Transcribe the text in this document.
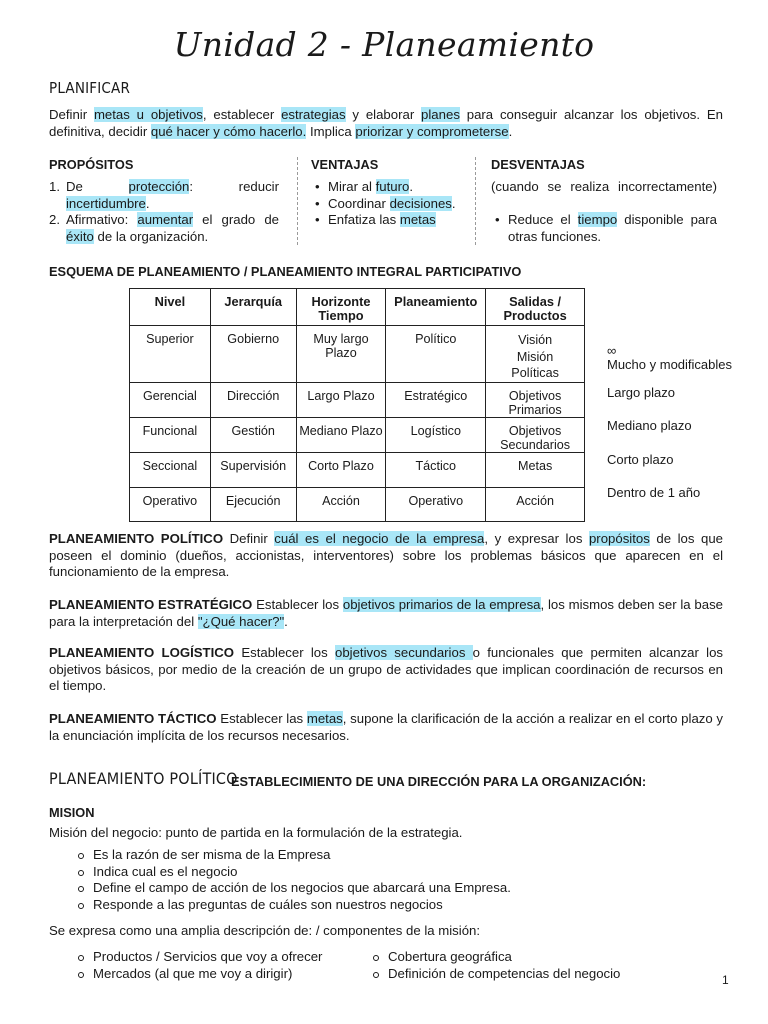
Unidad 2 - Planeamiento
PLANIFICAR
Definir metas u objetivos, establecer estrategias y elaborar planes para conseguir alcanzar los objetivos. En definitiva, decidir qué hacer y cómo hacerlo. Implica priorizar y comprometerse.
PROPÓSITOS
1. De protección: reducir incertidumbre.
2. Afirmativo: aumentar el grado de éxito de la organización.
VENTAJAS
• Mirar al futuro.
• Coordinar decisiones.
• Enfatiza las metas
DESVENTAJAS
(cuando se realiza incorrectamente)
• Reduce el tiempo disponible para otras funciones.
ESQUEMA DE PLANEAMIENTO / PLANEAMIENTO INTEGRAL PARTICIPATIVO
Nivel	Jerarquía	Horizonte Tiempo	Planeamiento	Salidas / Productos
Superior	Gobierno	Muy largo Plazo	Político	Visión
Misión
Políticas
Gerencial	Dirección	Largo Plazo	Estratégico	Objetivos Primarios
Funcional	Gestión	Mediano Plazo	Logístico	Objetivos Secundarios
Seccional	Supervisión	Corto Plazo	Táctico	Metas
Operativo	Ejecución	Acción	Operativo	Acción
∞
Mucho y modificables
Largo plazo
Mediano plazo
Corto plazo
Dentro de 1 año
PLANEAMIENTO POLÍTICO Definir cuál es el negocio de la empresa, y expresar los propósitos de los que poseen el dominio (dueños, accionistas, interventores) sobre los problemas básicos que aparecen en el funcionamiento de la empresa.
PLANEAMIENTO ESTRATÉGICO Establecer los objetivos primarios de la empresa, los mismos deben ser la base para la interpretación del "¿Qué hacer?".
PLANEAMIENTO LOGÍSTICO Establecer los objetivos secundarios o funcionales que permiten alcanzar los objetivos básicos, por medio de la creación de un grupo de actividades que implican coordinación de recursos en el tiempo.
PLANEAMIENTO TÁCTICO Establecer las metas, supone la clarificación de la acción a realizar en el corto plazo y la enunciación implícita de los recursos necesarios.
PLANEAMIENTO POLÍTICO
ESTABLECIMIENTO DE UNA DIRECCIÓN PARA LA ORGANIZACIÓN:
MISION
Misión del negocio: punto de partida en la formulación de la estrategia.
Es la razón de ser misma de la Empresa
Indica cual es el negocio
Define el campo de acción de los negocios que abarcará una Empresa.
Responde a las preguntas de cuáles son nuestros negocios
Se expresa como una amplia descripción de: / componentes de la misión:
Productos / Servicios que voy a ofrecer
Mercados (al que me voy a dirigir)
Cobertura geográfica
Definición de competencias del negocio	1
